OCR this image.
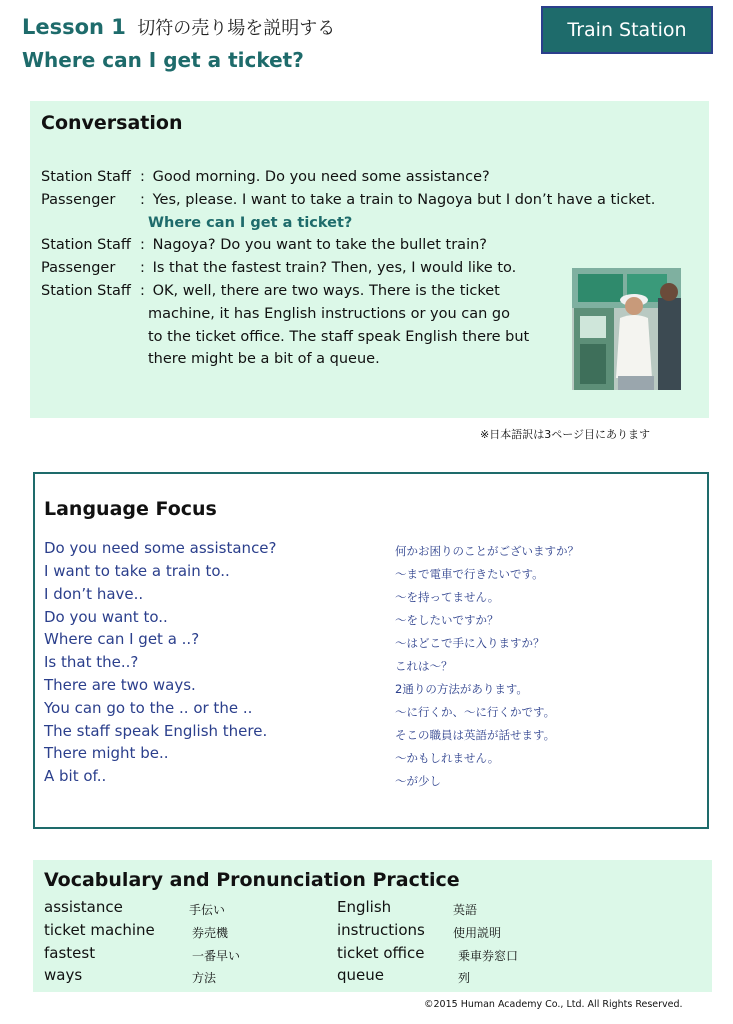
Lesson 1 切符の売り場を説明する
Where can I get a ticket?
Train Station
Conversation
Station Staff : Good morning. Do you need some assistance?
Passenger : Yes, please. I want to take a train to Nagoya but I don’t have a ticket.
Where can I get a ticket?
Station Staff : Nagoya? Do you want to take the bullet train?
Passenger : Is that the fastest train? Then, yes, I would like to.
Station Staff : OK, well, there are two ways. There is the ticket
machine, it has English instructions or you can go
to the ticket office. The staff speak English there but
there might be a bit of a queue.
※日本語訳は3ページ目にあります
Language Focus
Do you need some assistance?
I want to take a train to..
I don’t have..
Do you want to..
Where can I get a ..?
Is that the..?
There are two ways.
You can go to the .. or the ..
The staff speak English there.
There might be..
A bit of..
何かお困りのことがございますか？
～まで電車で行きたいです。
～を持ってません。
～をしたいですか？
～はどこで手に入りますか？
これは～？
2通りの方法があります。
～に行くか、～に行くかです。
そこの職員は英語が話せます。
～かもしれません。
～が少し
Vocabulary and Pronunciation Practice
assistance
ticket machine
fastest
ways
手伝い
券売機
一番早い
方法
English
instructions
ticket office
queue
英語
使用説明
乗車券窓口
列
©2015 Human Academy Co., Ltd. All Rights Reserved.
